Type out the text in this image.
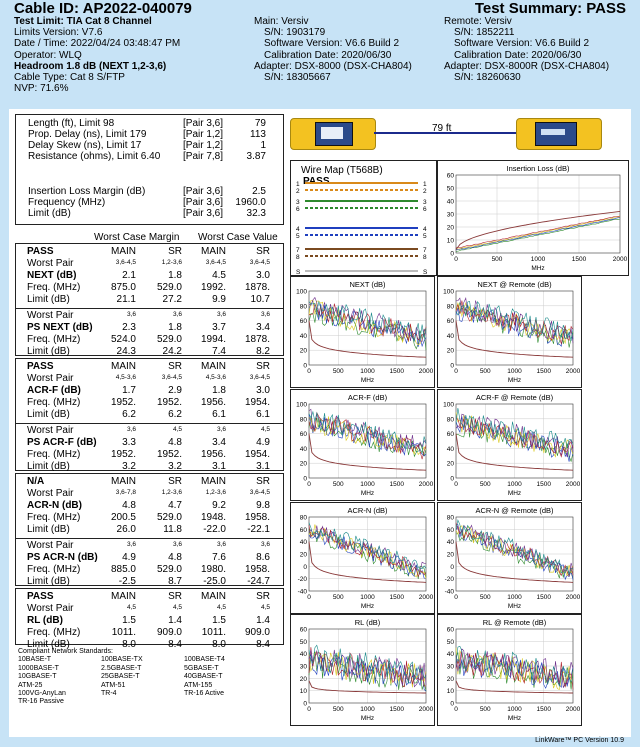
Cable ID: AP2022-040079	Test Summary: PASS
Test Limit: TIA Cat 8 Channel
Limits Version: V7.6
Date / Time: 2022/04/24 03:48:47 PM
Operator: WLQ
Headroom 1.8 dB (NEXT 1,2-3,6)
Cable Type: Cat 8 S/FTP
NVP: 71.6%
Main: Versiv
S/N: 1903179
Software Version: V6.6 Build 2
Calibration Date: 2020/06/30
Adapter: DSX-8000 (DSX-CHA804)
S/N: 18305667
Remote: Versiv
S/N: 1852211
Software Version: V6.6 Build 2
Calibration Date: 2020/06/30
Adapter: DSX-8000R (DSX-CHA804)
S/N: 18260630
Length (ft), Limit 98	[Pair 3,6]	79
Prop. Delay (ns), Limit 179	[Pair 1,2]	113
Delay Skew (ns), Limit 17	[Pair 1,2]	1
Resistance (ohms), Limit 6.40 [Pair 7,8] 3.87
Insertion Loss Margin (dB)	[Pair 3,6]	2.5
Frequency (MHz)	[Pair 3,6] 1960.0
Limit (dB)	[Pair 3,6] 32.3
79 ft
Wire Map (T568B)
PASS
1	1
2	2
3	3
6	6
4	4
5	5
7	7
8	8
S	S
PASS	MAIN	SR MAIN	SR
Worst Pair	3,6-4,5	1,2-3,6	3,6-4,5	3,6-4,5
NEXT (dB)	2.1	1.8	4.5	3.0
Freq. (MHz)	875.0 529.0 1992. 1878.
Limit (dB)	21.1	27.2	9.9 10.7
Worst Pair	3,6	3,6	3,6	3,6
PS NEXT (dB)	2.3	1.8	3.7	3.4
Freq. (MHz)	524.0 529.0 1994. 1878.
Limit (dB)	24.3	24.2	7.4	8.2
PASS	MAIN	SR MAIN	SR
Worst Pair	4,5-3,6	3,6-4,5	4,5-3,6	3,6-4,5
ACR-F (dB)	1.7	2.9	1.8	3.0
Freq. (MHz)	1952. 1952. 1956. 1954.
Limit (dB)	6.2	6.2	6.1	6.1
Worst Pair	3,6	4,5	3,6	4,5
PS ACR-F (dB)	3.3	4.8	3.4	4.9
Freq. (MHz)	1952. 1952. 1956. 1954.
Limit (dB)	3.2	3.2	3.1	3.1
N/A	MAIN	SR MAIN	SR
Worst Pair	3,6-7,8	1,2-3,6	1,2-3,6	3,6-4,5
ACR-N (dB)	4.8	4.7	9.2	9.8
Freq. (MHz)	200.5 529.0 1948. 1958.
Limit (dB)	26.0	11.8 -22.0 -22.1
Worst Pair	3,6	3,6	3,6	3,6
PS ACR-N (dB) 4.9	4.8	7.6	8.6
Freq. (MHz)	885.0 529.0 1980. 1958.
Limit (dB)	-2.5	8.7 -25.0 -24.7
PASS	MAIN	SR MAIN	SR
Worst Pair	4,5	4,5	4,5	4,5
RL (dB)	1.5	1.4	1.5	1.4
Freq. (MHz)	1011. 909.0 1011. 909.0
Limit (dB)	8.0	8.4	8.0	8.4
Worst Case Margin Worst Case Value
Compliant Network Standards:
10BASE-T	100BASE-TX	100BASE-T4
1000BASE-T	2.5GBASE-T	5GBASE-T
10GBASE-T	25GBASE-T	40GBASE-T
ATM-25	ATM-51	ATM-155
100VG-AnyLan	TR-4	TR-16 Active
TR-16 Passive
Insertion Loss (dB)
0
10
20
30
40
50
60
0	500	1000	1500	2000
MHz
NEXT (dB)
0
20
40
60
80
100
0	500	1000 1500 2000
MHz
NEXT @ Remote (dB)
0
20
40
60
80
100
0	500	1000 1500 2000
MHz
ACR-F (dB)
0
20
40
60
80
100
0	500	1000 1500 2000
MHz
ACR-F @ Remote (dB)
0
20
40
60
80
100
0	500	1000 1500 2000
MHz
ACR-N (dB)
-40
-20
0
20
40
60
80
0	500	1000 1500 2000
MHz
ACR-N @ Remote (dB)
-40
-20
0
20
40
60
80
0	500	1000 1500 2000
MHz
RL (dB)
0
10
20
30
40
50
60
0	500	1000 1500 2000
MHz
RL @ Remote (dB)
0
10
20
30
40
50
60
0	500	1000 1500 2000
MHz
LinkWare™ PC Version 10.9
